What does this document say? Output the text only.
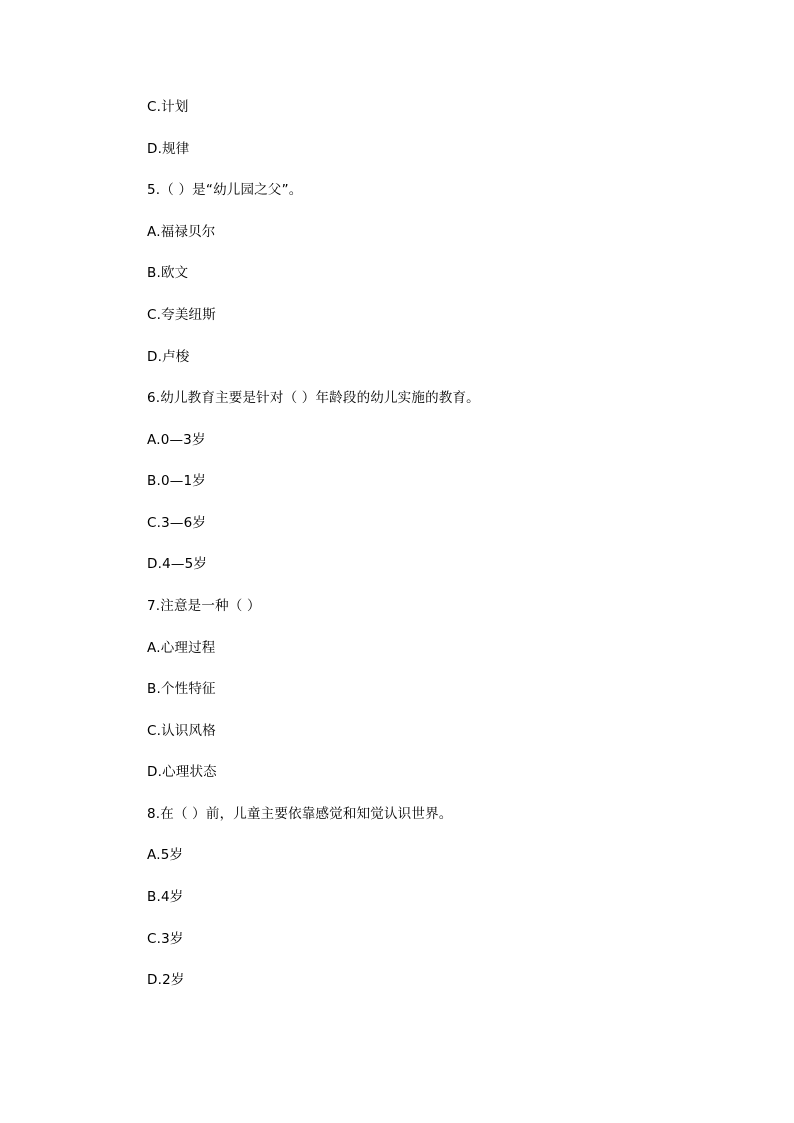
C.计划
D.规律
5.（ ）是“幼儿园之父”。
A.福禄贝尔
B.欧文
C.夸美纽斯
D.卢梭
6.幼儿教育主要是针对（ ）年龄段的幼儿实施的教育。
A.0—3岁
B.0—1岁
C.3—6岁
D.4—5岁
7.注意是一种（ ）
A.心理过程
B.个性特征
C.认识风格
D.心理状态
8.在（ ）前，儿童主要依靠感觉和知觉认识世界。
A.5岁
B.4岁
C.3岁
D.2岁
